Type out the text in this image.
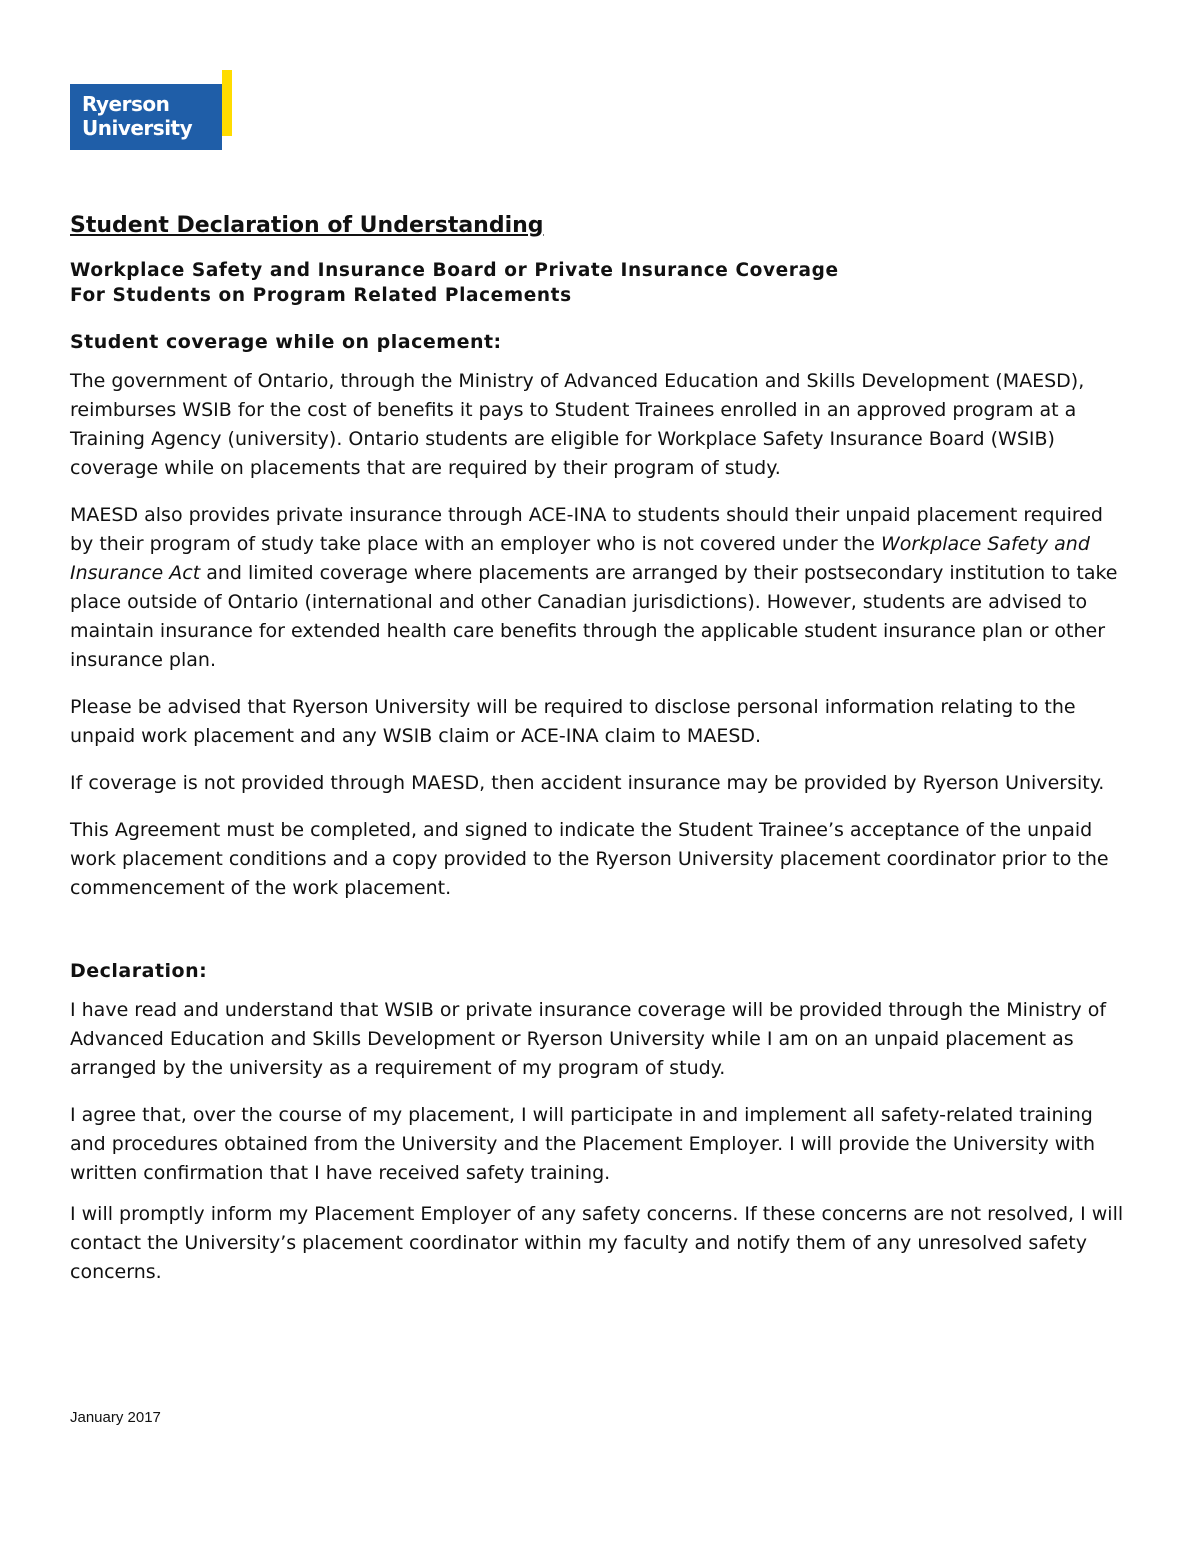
Ryerson
University
Student Declaration of Understanding
Workplace Safety and Insurance Board or Private Insurance Coverage
For Students on Program Related Placements
Student coverage while on placement:

The government of Ontario, through the Ministry of Advanced Education and Skills Development (MAESD), reimburses WSIB for the cost of benefits it pays to Student Trainees enrolled in an approved program at a Training Agency (university). Ontario students are eligible for Workplace Safety Insurance Board (WSIB) coverage while on placements that are required by their program of study.

MAESD also provides private insurance through ACE-INA to students should their unpaid placement required by their program of study take place with an employer who is not covered under the Workplace Safety and Insurance Act and limited coverage where placements are arranged by their postsecondary institution to take place outside of Ontario (international and other Canadian jurisdictions). However, students are advised to maintain insurance for extended health care benefits through the applicable student insurance plan or other insurance plan.

Please be advised that Ryerson University will be required to disclose personal information relating to the unpaid work placement and any WSIB claim or ACE-INA claim to MAESD.

If coverage is not provided through MAESD, then accident insurance may be provided by Ryerson University.

This Agreement must be completed, and signed to indicate the Student Trainee’s acceptance of the unpaid work placement conditions and a copy provided to the Ryerson University placement coordinator prior to the commencement of the work placement.

Declaration:

I have read and understand that WSIB or private insurance coverage will be provided through the Ministry of Advanced Education and Skills Development or Ryerson University while I am on an unpaid placement as arranged by the university as a requirement of my program of study.

I agree that, over the course of my placement, I will participate in and implement all safety-related training and procedures obtained from the University and the Placement Employer. I will provide the University with written confirmation that I have received safety training.

I will promptly inform my Placement Employer of any safety concerns. If these concerns are not resolved, I will contact the University’s placement coordinator within my faculty and notify them of any unresolved safety concerns.

January 2017
